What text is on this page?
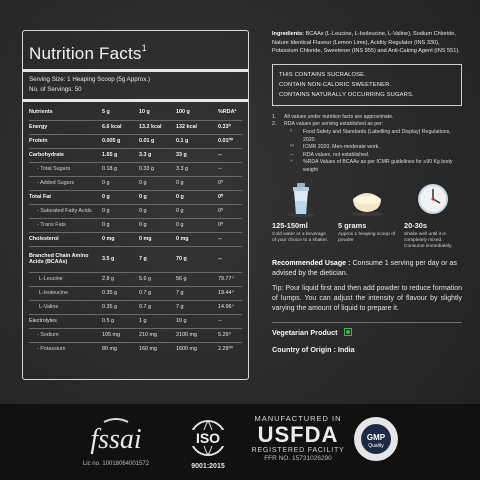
Nutrition Facts$^1$
Serving Size: 1 Heaping Scoop (5g Approx.)
No. of Servings: 50
Nutrients	5 g	10 g	100 g	%RDA²
Energy	6.6 kcal	13.2 kcal	132 kcal	0.33⁰
Protein	0.005 g	0.01 g	0.1 g	0.01⁰⁰
Carbohydrate	1.65 g	3.3 g	33 g	--
- Total Sugars	0.18 g	0.33 g	3.3 g	--
- Added Sugars	0 g	0 g	0 g	0⁰
Total Fat	0 g	0 g	0 g	0⁰
- Saturated Fatty Acids	0 g	0 g	0 g	0⁰
- Trans Fats	0 g	0 g	0 g	0⁰
Cholesterol	0 mg	0 mg	0 mg	--
Branched Chain Amino Acids (BCAAs)	3.5 g	7 g	70 g	--
L-Leucine	2.8 g	5.6 g	56 g	79.77⁺
L-Isoleucine	0.35 g	0.7 g	7 g	19.44⁺
L-Valine	0.35 g	0.7 g	7 g	14.96⁺
Electrolytes	0.5 g	1 g	10 g	--
- Sodium	105 mg	210 mg	2100 mg	5.25⁰
- Potassium	80 mg	160 mg	1600 mg	2.29⁰⁰
Ingredients: BCAAs (L-Leucine, L-Isoleucine, L-Valine), Sodium Chloride, Nature Identical Flavour (Lemon Lime), Acidity Regulator (INS 330), Potassium Chloride, Sweetener (INS 955) and Anti-Caking Agent (INS 551).
THIS CONTAINS SUCRALOSE.
CONTAIN NON-CALORIC SWEETENER.
CONTAINS NATURALLY OCCURRING SUGARS.
1.	All values under nutrition facts are approximate.
2.	RDA values per serving established as per:
⁰	Food Safety and Standards (Labelling and Display) Regulations, 2020.
⁰⁰	ICMR 2020, Men-moderate work.
--	RDA values, not established.
⁺	%RDA Values of BCAAs as per ICMR guidelines for ≥90 Kg body weight
125-150ml
Cold water or a beverage of your choice to a shaker.
5 grams
Approx 1 heaping scoop of powder
20-30s
Shake well until it is completely mixed. Consume immediately.
Recommended Usage : Consume 1 serving per day or as advised by the dietician.
Tip: Pour liquid first and then add powder to reduce formation of lumps. You can adjust the intensity of flavour by slightly varying the amount of liquid to prepare it.
Vegetarian Product
Country of Origin : India
fssai
Lic no. 10018064001572
ISO
9001:2015
MANUFACTURED IN
USFDA
REGISTERED FACILITY
FFR NO. 15731026290
GMP
Quality
